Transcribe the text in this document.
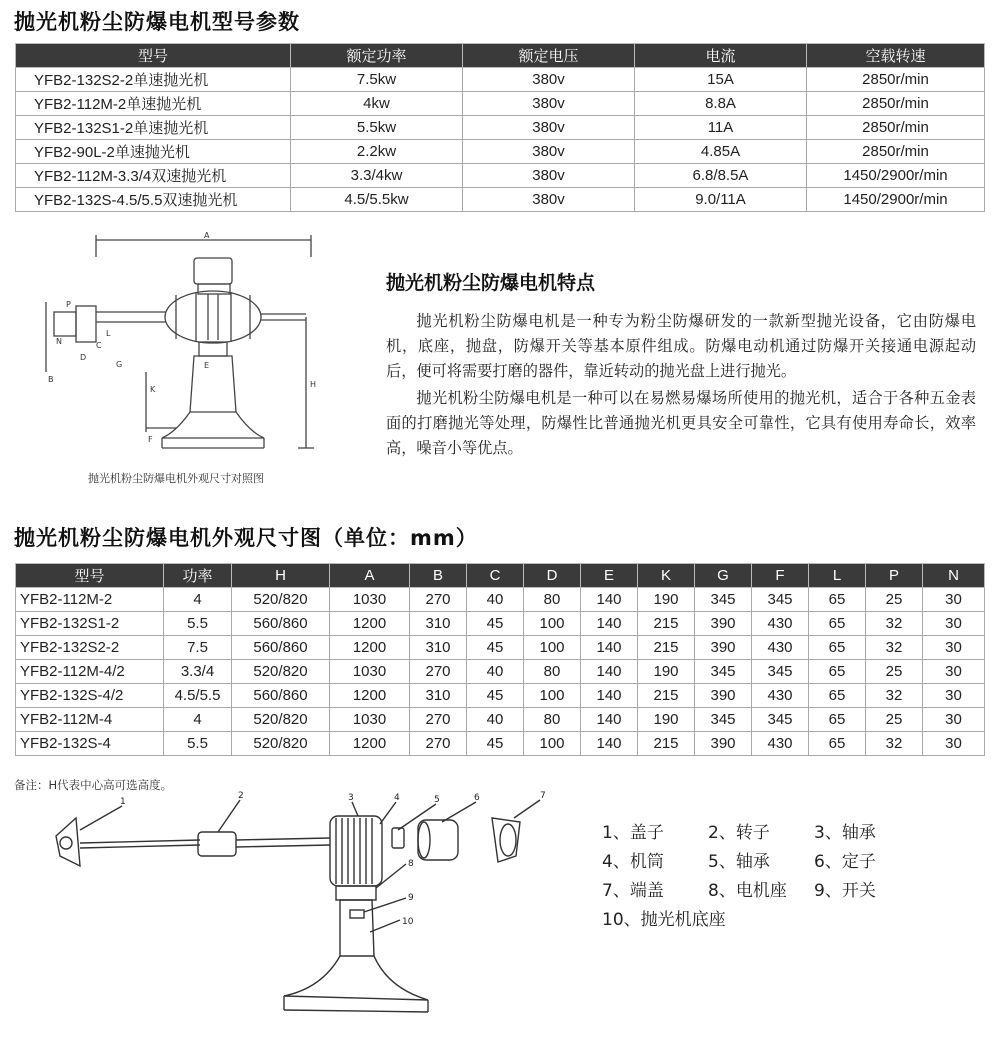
抛光机粉尘防爆电机型号参数
型号	额定功率	额定电压	电流	空载转速
YFB2-132S2-2单速抛光机	7.5kw	380v	15A	2850r/min
YFB2-112M-2单速抛光机	4kw	380v	8.8A	2850r/min
YFB2-132S1-2单速抛光机	5.5kw	380v	11A	2850r/min
YFB2-90L-2单速抛光机	2.2kw	380v	4.85A	2850r/min
YFB2-112M-3.3/4双速抛光机	3.3/4kw	380v	6.8/8.5A	1450/2900r/min
YFB2-132S-4.5/5.5双速抛光机	4.5/5.5kw	380v	9.0/11A	1450/2900r/min
A
B
C
D
E
F
H
K
G
P
L
N
抛光机粉尘防爆电机外观尺寸对照图
抛光机粉尘防爆电机特点

抛光机粉尘防爆电机是一种专为粉尘防爆研发的一款新型抛光设备，它由防爆电机，底座，抛盘，防爆开关等基本原件组成。防爆电动机通过防爆开关接通电源起动后，便可将需要打磨的器件，靠近转动的抛光盘上进行抛光。

抛光机粉尘防爆电机是一种可以在易燃易爆场所使用的抛光机，适合于各种五金表面的打磨抛光等处理，防爆性比普通抛光机更具安全可靠性，它具有使用寿命长，效率高，噪音小等优点。

抛光机粉尘防爆电机外观尺寸图（单位：mm）
型号	功率	H	A	B	C	D	E	K	G	F	L	P	N
YFB2-112M-2	4	520/820	1030	270	40	80	140	190	345	345	65	25	30
YFB2-132S1-2	5.5	560/860	1200	310	45	100	140	215	390	430	65	32	30
YFB2-132S2-2	7.5	560/860	1200	310	45	100	140	215	390	430	65	32	30
YFB2-112M-4/2	3.3/4	520/820	1030	270	40	80	140	190	345	345	65	25	30
YFB2-132S-4/2	4.5/5.5	560/860	1200	310	45	100	140	215	390	430	65	32	30
YFB2-112M-4	4	520/820	1030	270	40	80	140	190	345	345	65	25	30
YFB2-132S-4	5.5	520/820	1200	270	45	100	140	215	390	430	65	32	30
备注：H代表中心高可选高度。
1
2	3	4	5	6	7
8
9
10
1、盖子	2、转子	3、轴承
4、机筒	5、轴承	6、定子
7、端盖	8、电机座 9、开关
10、抛光机底座
